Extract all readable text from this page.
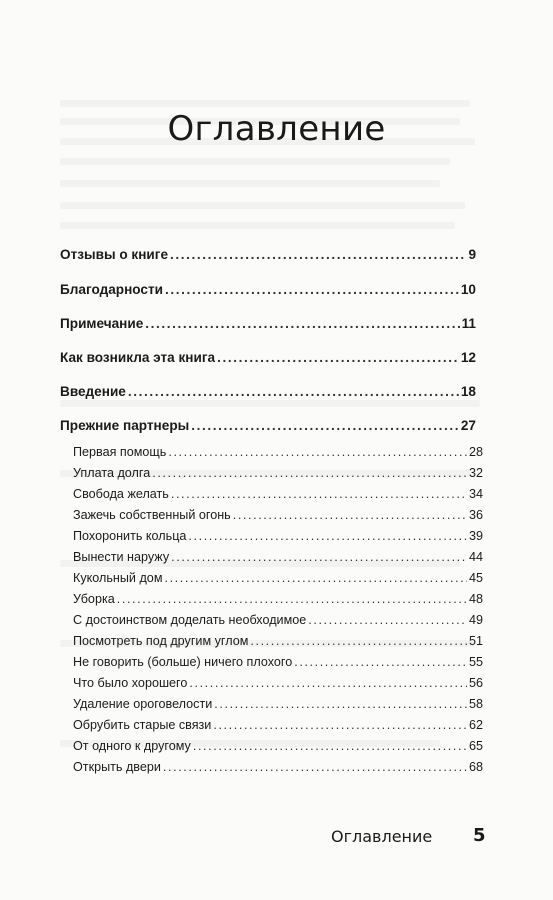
Оглавление
Отзывы о книге .....	9
Благодарности .....	10
Примечание .....	11
Как возникла эта книга .....	12
Введение .....	18
Прежние партнеры .....	27
Первая помощь .....	28
Уплата долга .....	32
Свобода желать .....	34
Зажечь собственный огонь .....	36
Похоронить кольца .....	39
Вынести наружу .....	44
Кукольный дом .....	45
Уборка .....	48
С достоинством доделать необходимое .....	49
Посмотреть под другим углом .....	51
Не говорить (больше) ничего плохого .....	55
Что было хорошего .....	56
Удаление ороговелости .....	58
Обрубить старые связи .....	62
От одного к другому .....	65
Открыть двери .....	68
Оглавление 5
